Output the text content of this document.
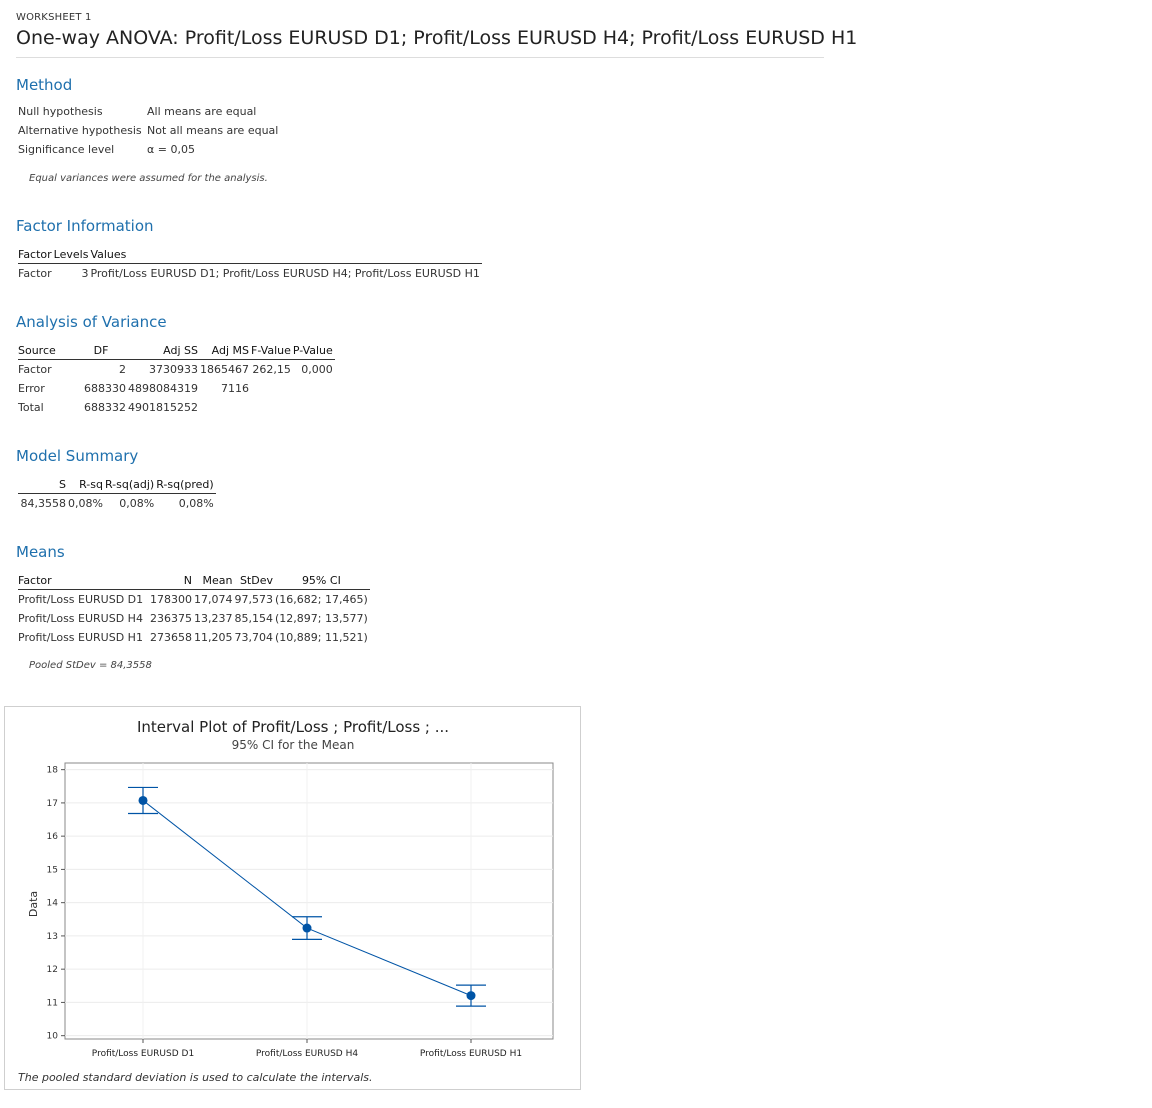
WORKSHEET 1
One-way ANOVA: Profit/Loss EURUSD D1; Profit/Loss EURUSD H4; Profit/Loss EURUSD H1
Method
Null hypothesis	All means are equal
Alternative hypothesis	Not all means are equal
Significance level	α = 0,05
Equal variances were assumed for the analysis.
Factor Information
Factor	Levels	Values
Factor	3	Profit/Loss EURUSD D1; Profit/Loss EURUSD H4; Profit/Loss EURUSD H1
Analysis of Variance
Source	DF	Adj SS	Adj MS	F-Value	P-Value
Factor	2	3730933	1865467	262,15	0,000
Error	688330	4898084319	7116		
Total	688332	4901815252			
Model Summary
S	R-sq	R-sq(adj)	R-sq(pred)
84,3558	0,08%	0,08%	0,08%
Means
Factor	N	Mean	StDev	95% CI
Profit/Loss EURUSD D1	178300	17,074	97,573	(16,682; 17,465)
Profit/Loss EURUSD H4	236375	13,237	85,154	(12,897; 13,577)
Profit/Loss EURUSD H1	273658	11,205	73,704	(10,889; 11,521)
Pooled StDev = 84,3558
Interval Plot of Profit/Loss ; Profit/Loss ; ...
95% CI for the Mean
Data
10
11
12
13
14
15
16
17
18
Profit/Loss EURUSD D1	Profit/Loss EURUSD H4	Profit/Loss EURUSD H1
The pooled standard deviation is used to calculate the intervals.
